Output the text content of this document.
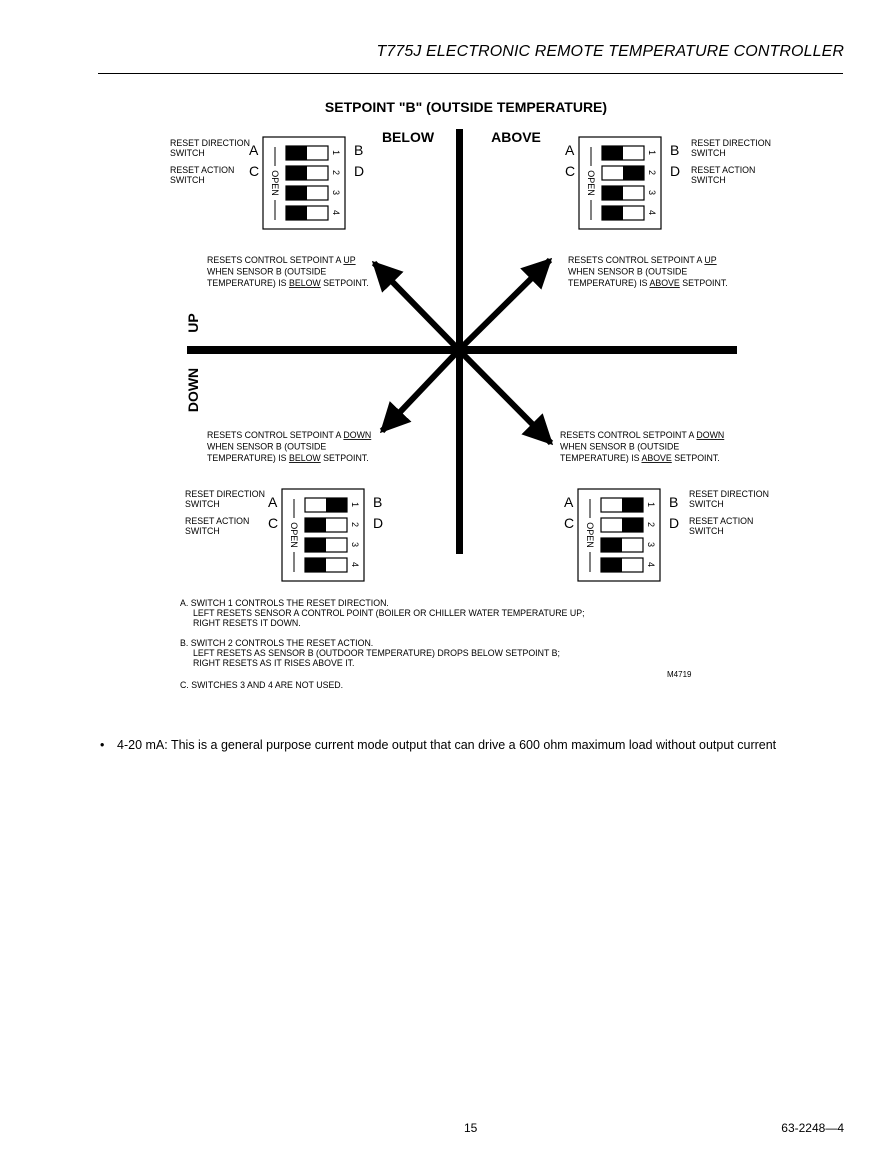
T775J ELECTRONIC REMOTE TEMPERATURE CONTROLLER
SETPOINT "B" (OUTSIDE TEMPERATURE)
BELOW	ABOVE
UP
DOWN
RESETS CONTROL SETPOINT A UP
WHEN SENSOR B (OUTSIDE
TEMPERATURE) IS BELOW SETPOINT.
RESETS CONTROL SETPOINT A UP
WHEN SENSOR B (OUTSIDE
TEMPERATURE) IS ABOVE SETPOINT.
RESETS CONTROL SETPOINT A DOWN
WHEN SENSOR B (OUTSIDE
TEMPERATURE) IS BELOW SETPOINT.
RESETS CONTROL SETPOINT A DOWN
WHEN SENSOR B (OUTSIDE
TEMPERATURE) IS ABOVE SETPOINT.
RESET DIRECTION
SWITCH
RESET ACTION
SWITCH
A	B
C	D
OPEN
1
2
3
4
RESET DIRECTION
SWITCH
RESET ACTION
SWITCH
A	B
C	D
OPEN
1
2
3
4
RESET DIRECTION
SWITCH
RESET ACTION
SWITCH
A	B
C	D
OPEN
1
2
3
4
RESET DIRECTION
SWITCH
RESET ACTION
SWITCH
A	B
C	D
OPEN
1
2
3
4
A. SWITCH 1 CONTROLS THE RESET DIRECTION.
LEFT RESETS SENSOR A CONTROL POINT (BOILER OR CHILLER WATER TEMPERATURE UP;
RIGHT RESETS IT DOWN.
B. SWITCH 2 CONTROLS THE RESET ACTION.
LEFT RESETS AS SENSOR B (OUTDOOR TEMPERATURE) DROPS BELOW SETPOINT B;
RIGHT RESETS AS IT RISES ABOVE IT.
C. SWITCHES 3 AND 4 ARE NOT USED.
M4719
• 4-20 mA: This is a general purpose current mode output that can drive a 600 ohm maximum load without output current
15	63-2248—4
